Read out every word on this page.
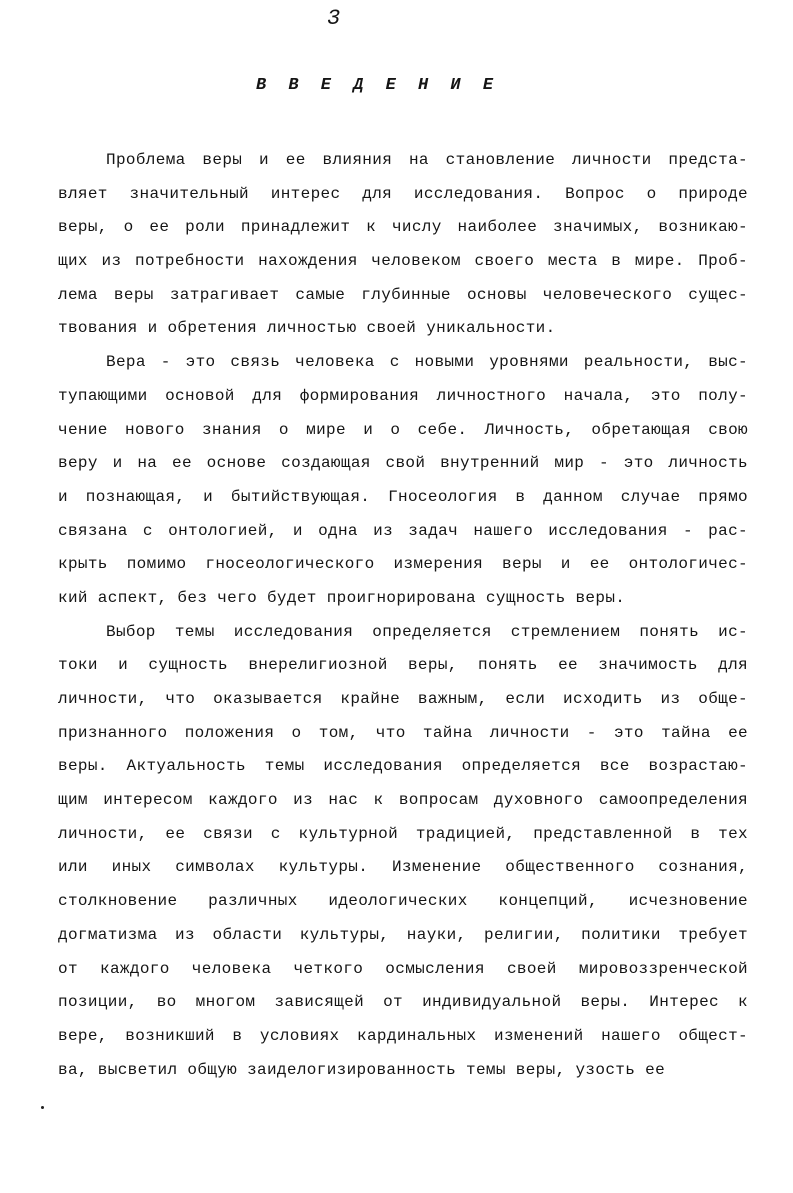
3
В В Е Д Е Н И Е
Проблема веры и ее влияния на становление личности предста-
вляет значительный интерес для исследования. Вопрос о природе
веры, о ее роли принадлежит к числу наиболее значимых, возникаю-
щих из потребности нахождения человеком своего места в мире. Проб-
лема веры затрагивает самые глубинные основы человеческого сущес-
твования и обретения личностью своей уникальности.
Вера - это связь человека с новыми уровнями реальности, выс-
тупающими основой для формирования личностного начала, это полу-
чение нового знания о мире и о себе. Личность, обретающая свою
веру и на ее основе создающая свой внутренний мир - это личность
и познающая, и бытийствующая. Гносеология в данном случае прямо
связана с онтологией, и одна из задач нашего исследования - рас-
крыть помимо гносеологического измерения веры и ее онтологичес-
кий аспект, без чего будет проигнорирована сущность веры.
Выбор темы исследования определяется стремлением понять ис-
токи и сущность внерелигиозной веры, понять ее значимость для
личности, что оказывается крайне важным, если исходить из обще-
признанного положения о том, что тайна личности - это тайна ее
веры. Актуальность темы исследования определяется все возрастаю-
щим интересом каждого из нас к вопросам духовного самоопределения
личности, ее связи с культурной традицией, представленной в тех
или иных символах культуры. Изменение общественного сознания,
столкновение различных идеологических концепций, исчезновение
догматизма из области культуры, науки, религии, политики требует
от каждого человека четкого осмысления своей мировоззренческой
позиции, во многом зависящей от индивидуальной веры. Интерес к
вере, возникший в условиях кардинальных изменений нашего общест-
ва, высветил общую заиделогизированность темы веры, узость ее
